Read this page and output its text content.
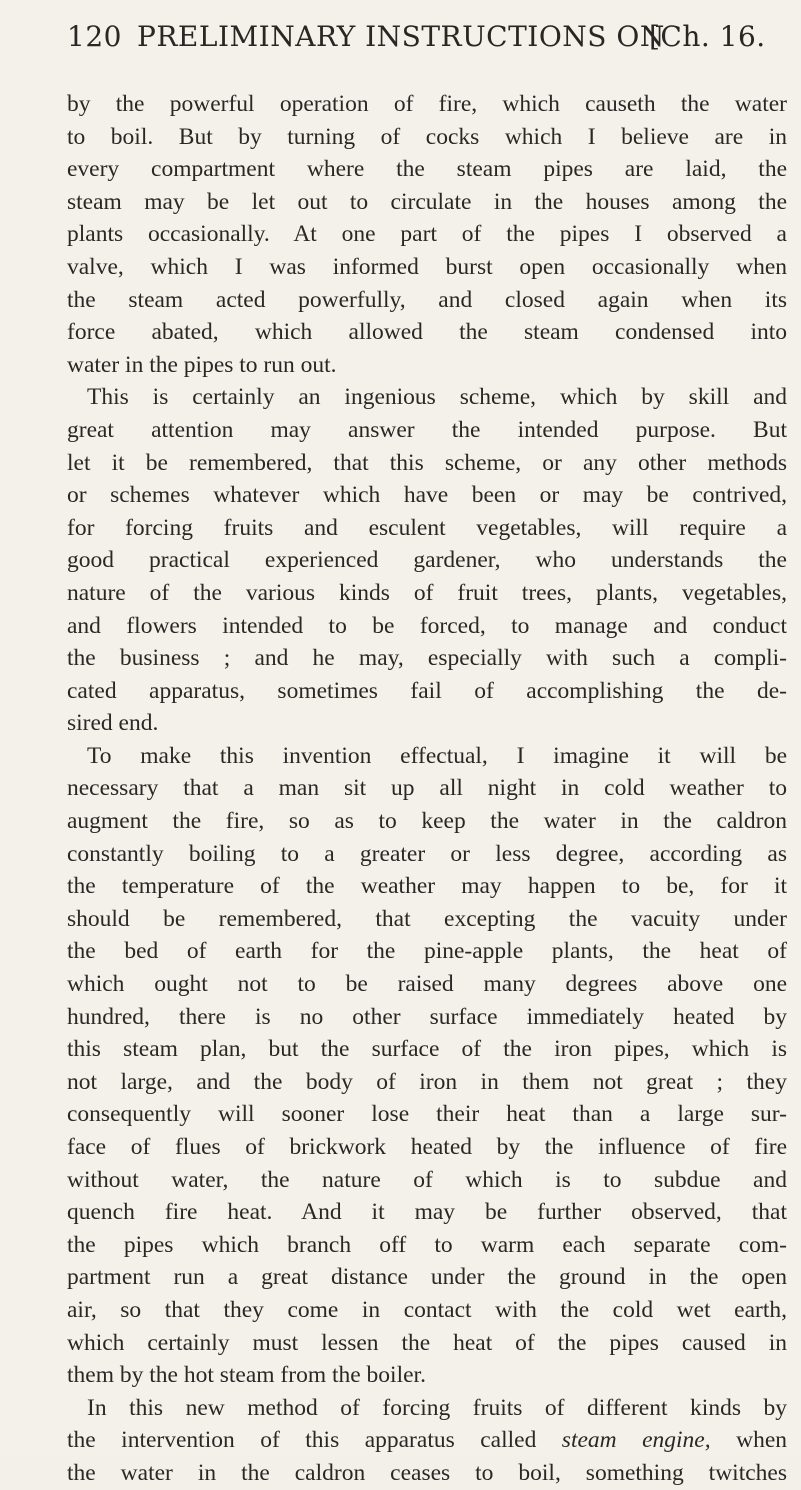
120 PRELIMINARY INSTRUCTIONS ON
[Ch. 16.
by the powerful operation of fire, which causeth the water
to boil. But by turning of cocks which I believe are in
every compartment where the steam pipes are laid, the
steam may be let out to circulate in the houses among the
plants occasionally. At one part of the pipes I observed a
valve, which I was informed burst open occasionally when
the steam acted powerfully, and closed again when its
force abated, which allowed the steam condensed into
water in the pipes to run out.
This is certainly an ingenious scheme, which by skill and
great attention may answer the intended purpose. But
let it be remembered, that this scheme, or any other methods
or schemes whatever which have been or may be contrived,
for forcing fruits and esculent vegetables, will require a
good practical experienced gardener, who understands the
nature of the various kinds of fruit trees, plants, vegetables,
and flowers intended to be forced, to manage and conduct
the business ; and he may, especially with such a compli-
cated apparatus, sometimes fail of accomplishing the de-
sired end.
To make this invention effectual, I imagine it will be
necessary that a man sit up all night in cold weather to
augment the fire, so as to keep the water in the caldron
constantly boiling to a greater or less degree, according as
the temperature of the weather may happen to be, for it
should be remembered, that excepting the vacuity under
the bed of earth for the pine-apple plants, the heat of
which ought not to be raised many degrees above one
hundred, there is no other surface immediately heated by
this steam plan, but the surface of the iron pipes, which is
not large, and the body of iron in them not great ; they
consequently will sooner lose their heat than a large sur-
face of flues of brickwork heated by the influence of fire
without water, the nature of which is to subdue and
quench fire heat. And it may be further observed, that
the pipes which branch off to warm each separate com-
partment run a great distance under the ground in the open
air, so that they come in contact with the cold wet earth,
which certainly must lessen the heat of the pipes caused in
them by the hot steam from the boiler.
In this new method of forcing fruits of different kinds by
the intervention of this apparatus called steam engine, when
the water in the caldron ceases to boil, something twitches
